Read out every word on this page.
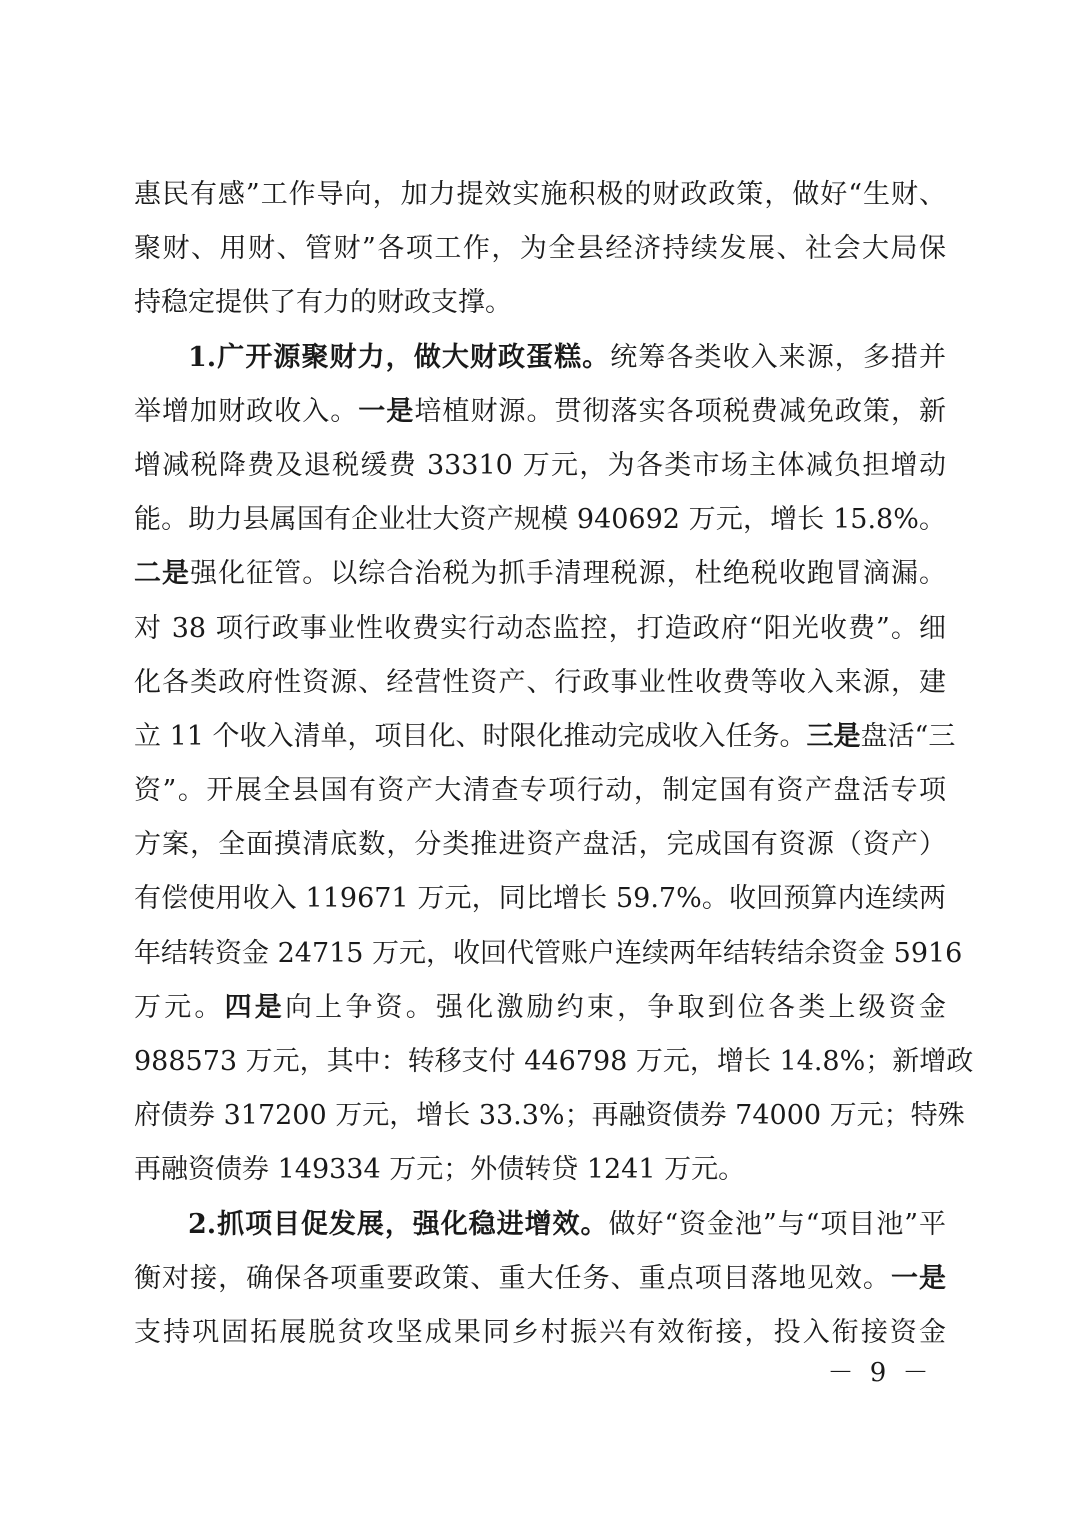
惠民有感”工作导向，加力提效实施积极的财政政策，做好“生财、
聚财、用财、管财”各项工作，为全县经济持续发展、社会大局保
持稳定提供了有力的财政支撑。
1.广开源聚财力，做大财政蛋糕。统筹各类收入来源，多措并
举增加财政收入。一是培植财源。贯彻落实各项税费减免政策，新
增减税降费及退税缓费 33310 万元，为各类市场主体减负担增动
能。助力县属国有企业壮大资产规模 940692 万元，增长 15.8%。
二是强化征管。以综合治税为抓手清理税源，杜绝税收跑冒滴漏。
对 38 项行政事业性收费实行动态监控，打造政府“阳光收费”。细
化各类政府性资源、经营性资产、行政事业性收费等收入来源，建
立 11 个收入清单，项目化、时限化推动完成收入任务。三是盘活“三
资”。开展全县国有资产大清查专项行动，制定国有资产盘活专项
方案，全面摸清底数，分类推进资产盘活，完成国有资源（资产）
有偿使用收入 119671 万元，同比增长 59.7%。收回预算内连续两
年结转资金 24715 万元，收回代管账户连续两年结转结余资金 5916
万元。四是向上争资。强化激励约束，争取到位各类上级资金
988573 万元，其中：转移支付 446798 万元，增长 14.8%；新增政
府债券 317200 万元，增长 33.3%；再融资债券 74000 万元；特殊
再融资债券 149334 万元；外债转贷 1241 万元。
2.抓项目促发展，强化稳进增效。做好“资金池”与“项目池”平
衡对接，确保各项重要政策、重大任务、重点项目落地见效。一是
支持巩固拓展脱贫攻坚成果同乡村振兴有效衔接，投入衔接资金
－ 9 －
